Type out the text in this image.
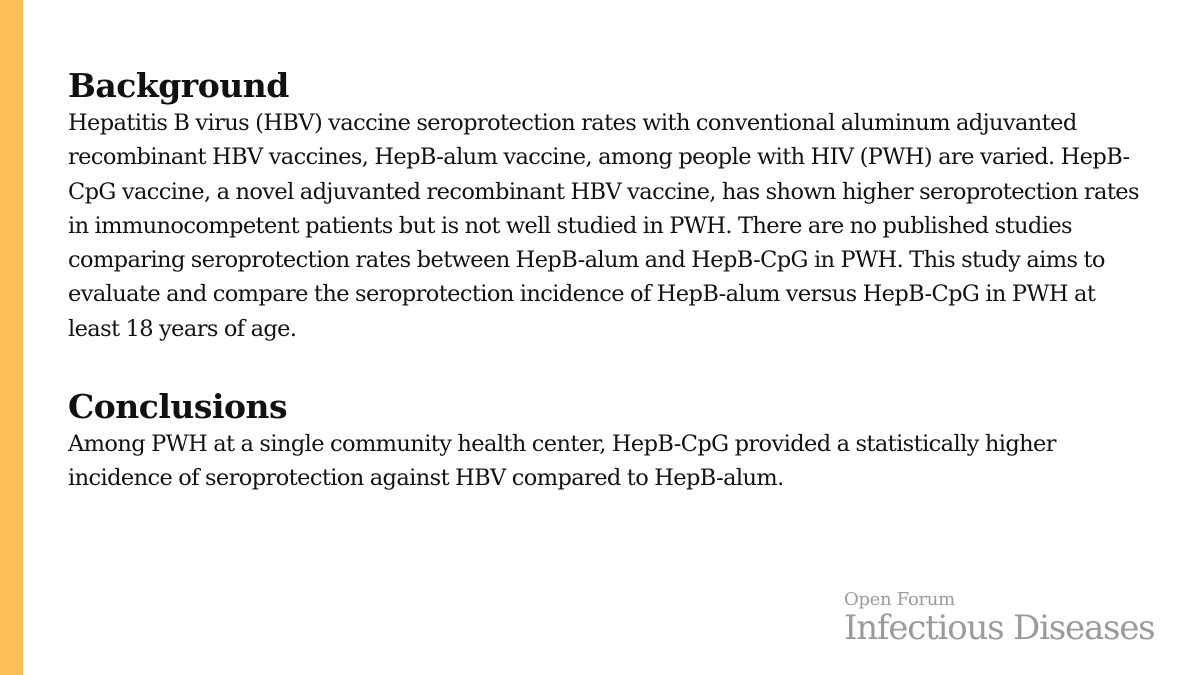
Background

Hepatitis B virus (HBV) vaccine seroprotection rates with conventional aluminum adjuvanted recombinant HBV vaccines, HepB-alum vaccine, among people with HIV (PWH) are varied. HepB-CpG vaccine, a novel adjuvanted recombinant HBV vaccine, has shown higher seroprotection rates in immunocompetent patients but is not well studied in PWH. There are no published studies comparing seroprotection rates between HepB-alum and HepB-CpG in PWH. This study aims to evaluate and compare the seroprotection incidence of HepB-alum versus HepB-CpG in PWH at least 18 years of age.

Conclusions

Among PWH at a single community health center, HepB-CpG provided a statistically higher incidence of seroprotection against HBV compared to HepB-alum.

Open Forum
Infectious Diseases
